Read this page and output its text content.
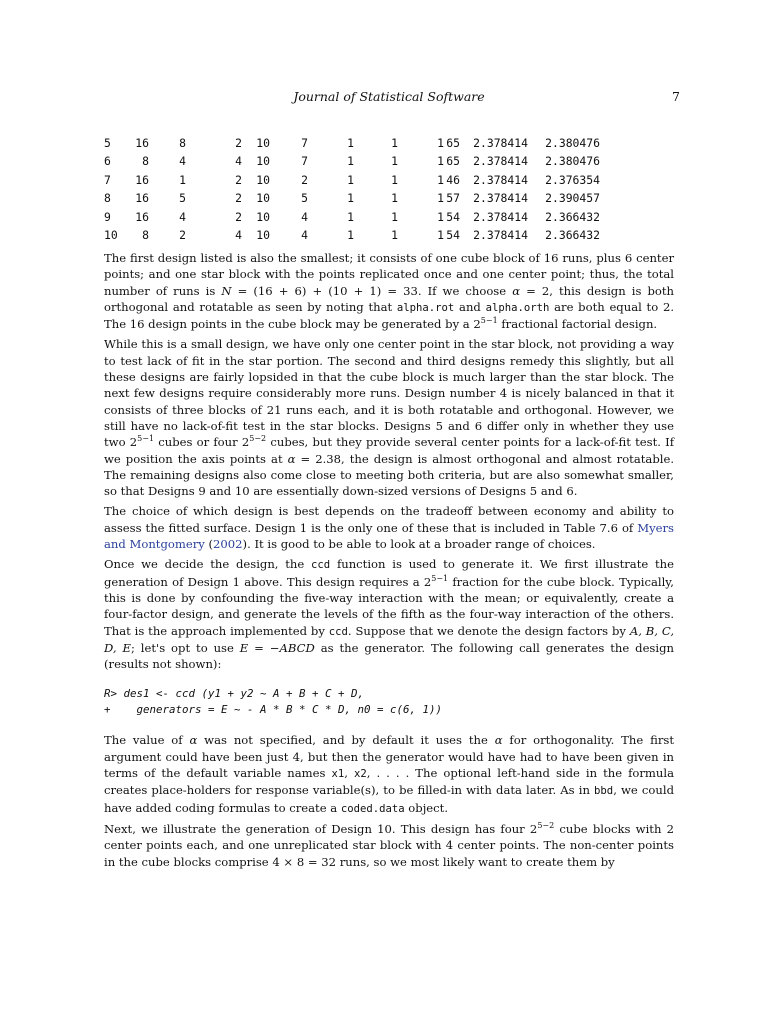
Journal of Statistical Software	7
5	16	8	2	10	7	1	1	1	65	2.378414	2.380476
6	8	4	4	10	7	1	1	1	65	2.378414	2.380476
7	16	1	2	10	2	1	1	1	46	2.378414	2.376354
8	16	5	2	10	5	1	1	1	57	2.378414	2.390457
9	16	4	2	10	4	1	1	1	54	2.378414	2.366432
10	8	2	4	10	4	1	1	1	54	2.378414	2.366432

The first design listed is also the smallest; it consists of one cube block of 16 runs, plus 6 center points; and one star block with the points replicated once and one center point; thus, the total number of runs is N = (16 + 6) + (10 + 1) = 33. If we choose α = 2, this design is both orthogonal and rotatable as seen by noting that alpha.rot and alpha.orth are both equal to 2. The 16 design points in the cube block may be generated by a $2^{5-1}$ fractional factorial design.

While this is a small design, we have only one center point in the star block, not providing a way to test lack of fit in the star portion. The second and third designs remedy this slightly, but all these designs are fairly lopsided in that the cube block is much larger than the star block. The next few designs require considerably more runs. Design number 4 is nicely balanced in that it consists of three blocks of 21 runs each, and it is both rotatable and orthogonal. However, we still have no lack-of-fit test in the star blocks. Designs 5 and 6 differ only in whether they use two $2^{5-1}$ cubes or four $2^{5-2}$ cubes, but they provide several center points for a lack-of-fit test. If we position the axis points at α = 2.38, the design is almost orthogonal and almost rotatable. The remaining designs also come close to meeting both criteria, but are also somewhat smaller, so that Designs 9 and 10 are essentially down-sized versions of Designs 5 and 6.

The choice of which design is best depends on the tradeoff between economy and ability to assess the fitted surface. Design 1 is the only one of these that is included in Table 7.6 of Myers and Montgomery (2002). It is good to be able to look at a broader range of choices.

Once we decide the design, the ccd function is used to generate it. We first illustrate the generation of Design 1 above. This design requires a $2^{5-1}$ fraction for the cube block. Typically, this is done by confounding the five-way interaction with the mean; or equivalently, create a four-factor design, and generate the levels of the fifth as the four-way interaction of the others. That is the approach implemented by ccd. Suppose that we denote the design factors by A, B, C, D, E; let's opt to use E = −ABCD as the generator. The following call generates the design (results not shown):

R> des1 <- ccd (y1 + y2 ~ A + B + C + D,
+    generators = E ~ - A * B * C * D, n0 = c(6, 1))

The value of α was not specified, and by default it uses the α for orthogonality. The first argument could have been just 4, but then the generator would have had to have been given in terms of the default variable names x1, x2, . . . . The optional left-hand side in the formula creates place-holders for response variable(s), to be filled-in with data later. As in bbd, we could have added coding formulas to create a coded.data object.

Next, we illustrate the generation of Design 10. This design has four $2^{5-2}$ cube blocks with 2 center points each, and one unreplicated star block with 4 center points. The non-center points in the cube blocks comprise 4 × 8 = 32 runs, so we most likely want to create them by
